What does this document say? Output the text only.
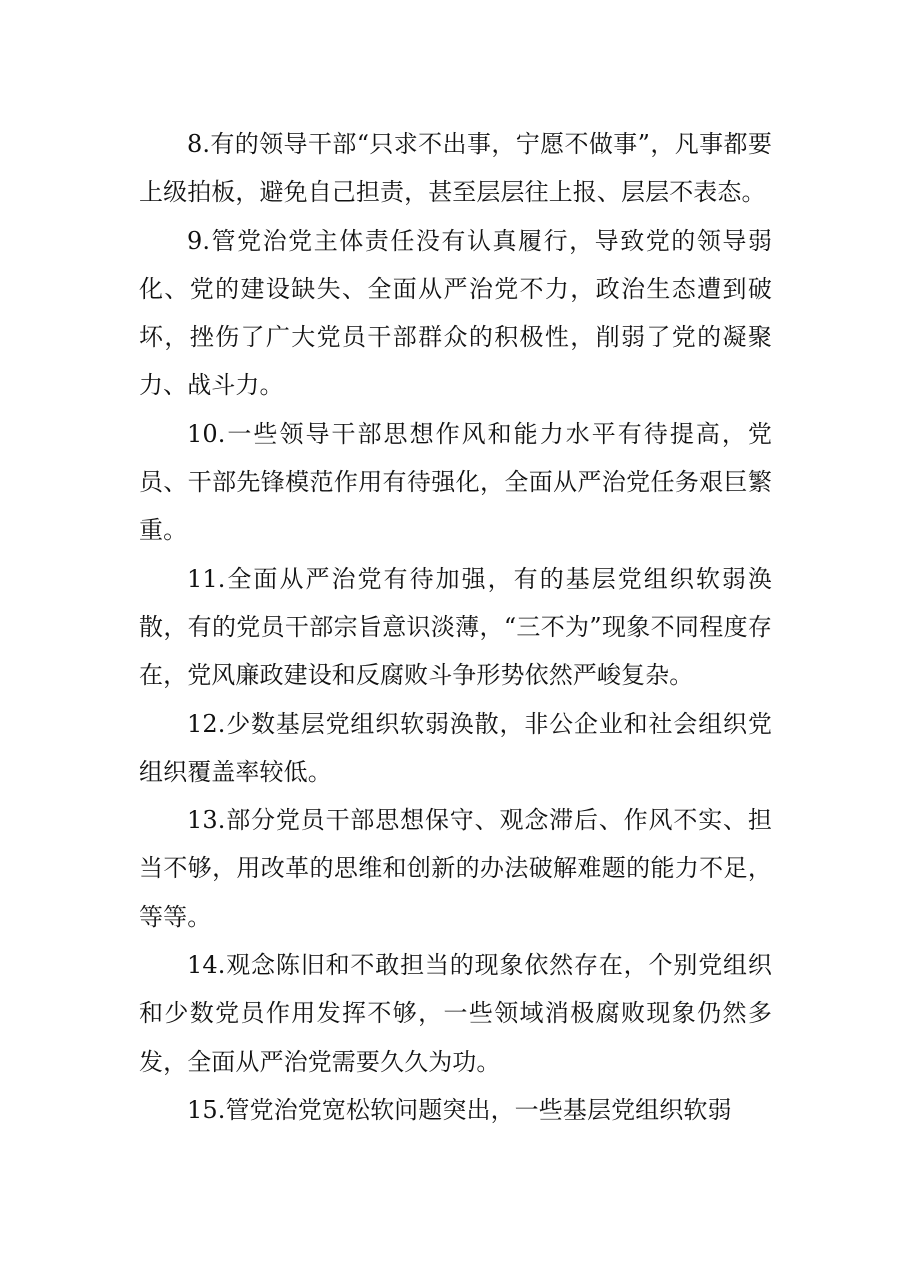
8.有的领导干部“只求不出事，宁愿不做事”，凡事都要上级拍板，避免自己担责，甚至层层往上报、层层不表态。

9.管党治党主体责任没有认真履行，导致党的领导弱化、党的建设缺失、全面从严治党不力，政治生态遭到破坏，挫伤了广大党员干部群众的积极性，削弱了党的凝聚力、战斗力。

10.一些领导干部思想作风和能力水平有待提高，党员、干部先锋模范作用有待强化，全面从严治党任务艰巨繁重。

11.全面从严治党有待加强，有的基层党组织软弱涣散，有的党员干部宗旨意识淡薄，“三不为”现象不同程度存在，党风廉政建设和反腐败斗争形势依然严峻复杂。

12.少数基层党组织软弱涣散，非公企业和社会组织党组织覆盖率较低。

13.部分党员干部思想保守、观念滞后、作风不实、担当不够，用改革的思维和创新的办法破解难题的能力不足，等等。

14.观念陈旧和不敢担当的现象依然存在，个别党组织和少数党员作用发挥不够，一些领域消极腐败现象仍然多发，全面从严治党需要久久为功。

15.管党治党宽松软问题突出，一些基层党组织软弱
